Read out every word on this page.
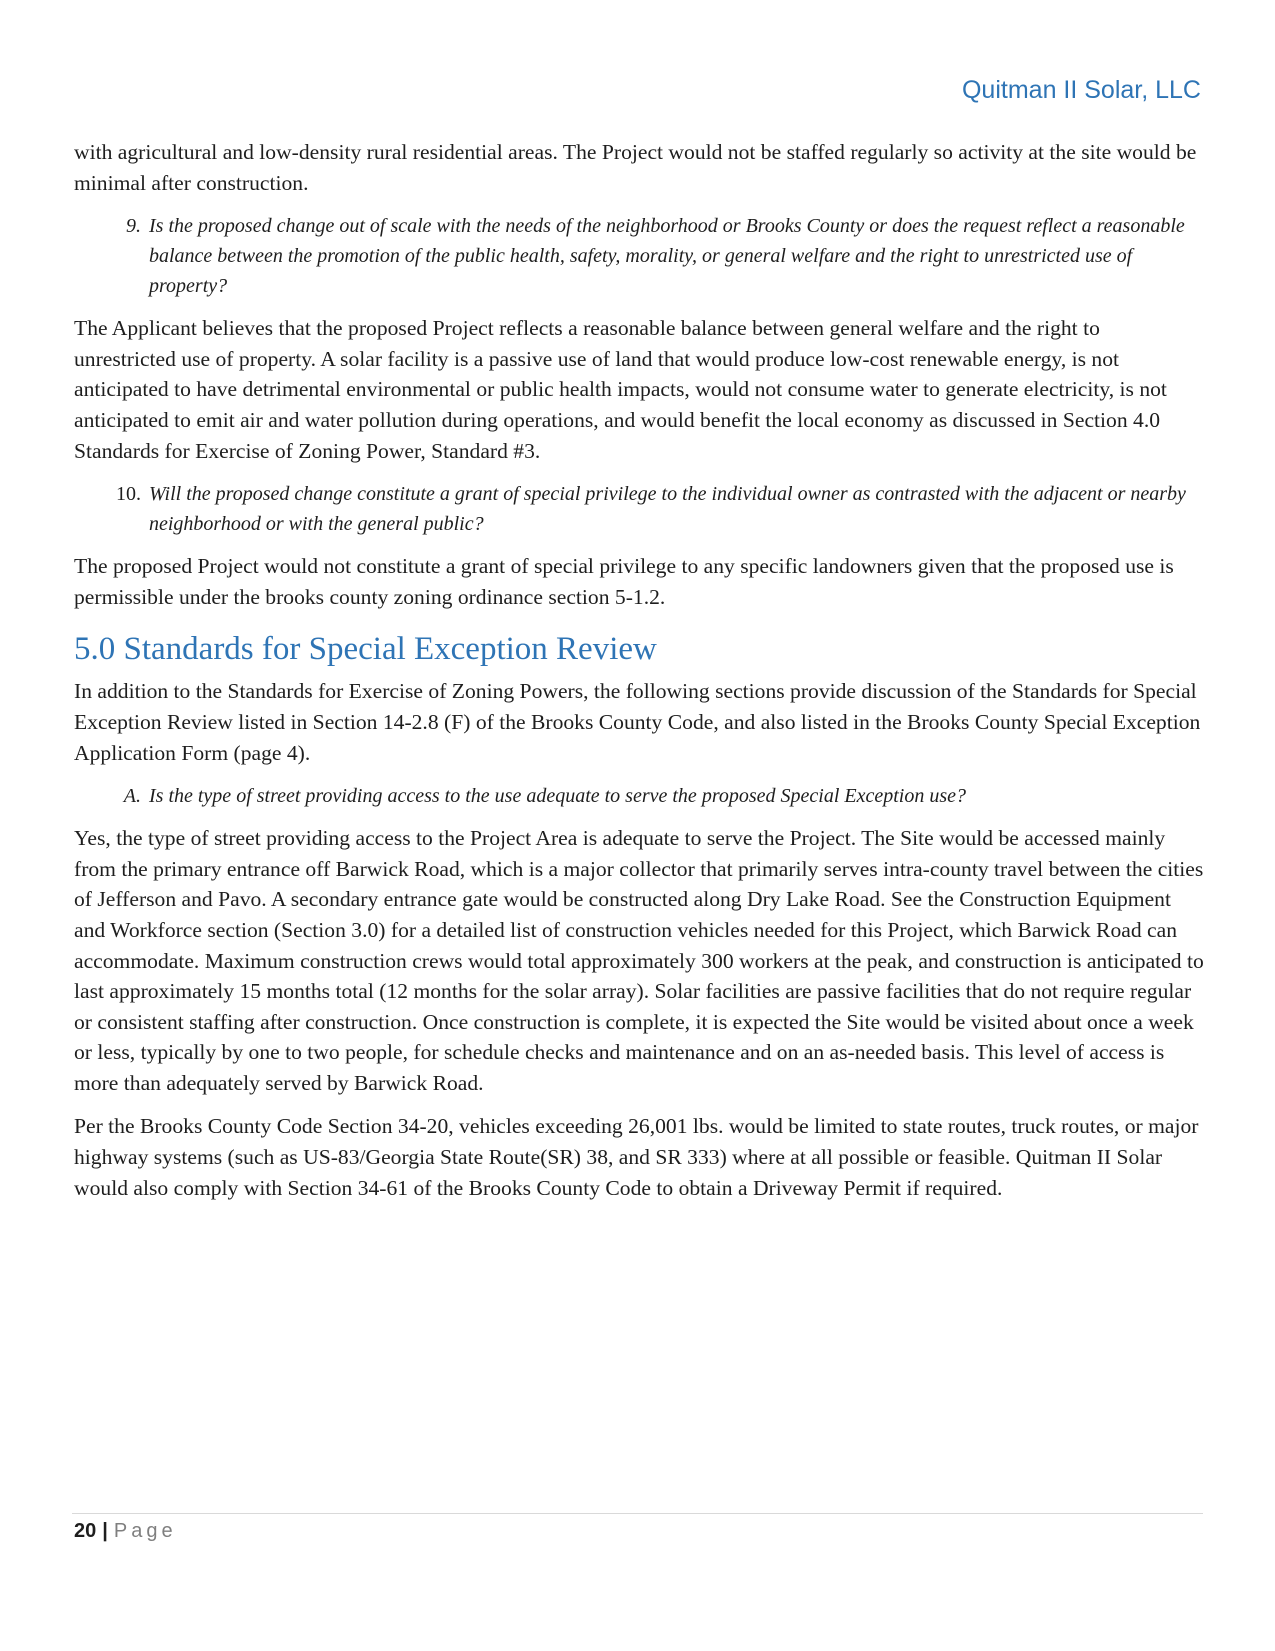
Quitman II Solar, LLC

with agricultural and low-density rural residential areas. The Project would not be staffed regularly so activity at the site would be minimal after construction.

9. Is the proposed change out of scale with the needs of the neighborhood or Brooks County or does the request reflect a reasonable balance between the promotion of the public health, safety, morality, or general welfare and the right to unrestricted use of property?

The Applicant believes that the proposed Project reflects a reasonable balance between general welfare and the right to unrestricted use of property. A solar facility is a passive use of land that would produce low-cost renewable energy, is not anticipated to have detrimental environmental or public health impacts, would not consume water to generate electricity, is not anticipated to emit air and water pollution during operations, and would benefit the local economy as discussed in Section 4.0 Standards for Exercise of Zoning Power, Standard #3.

10. Will the proposed change constitute a grant of special privilege to the individual owner as contrasted with the adjacent or nearby neighborhood or with the general public?

The proposed Project would not constitute a grant of special privilege to any specific landowners given that the proposed use is permissible under the brooks county zoning ordinance section 5-1.2.

5.0 Standards for Special Exception Review

In addition to the Standards for Exercise of Zoning Powers, the following sections provide discussion of the Standards for Special Exception Review listed in Section 14-2.8 (F) of the Brooks County Code, and also listed in the Brooks County Special Exception Application Form (page 4).

A. Is the type of street providing access to the use adequate to serve the proposed Special Exception use?

Yes, the type of street providing access to the Project Area is adequate to serve the Project. The Site would be accessed mainly from the primary entrance off Barwick Road, which is a major collector that primarily serves intra-county travel between the cities of Jefferson and Pavo. A secondary entrance gate would be constructed along Dry Lake Road. See the Construction Equipment and Workforce section (Section 3.0) for a detailed list of construction vehicles needed for this Project, which Barwick Road can accommodate. Maximum construction crews would total approximately 300 workers at the peak, and construction is anticipated to last approximately 15 months total (12 months for the solar array). Solar facilities are passive facilities that do not require regular or consistent staffing after construction. Once construction is complete, it is expected the Site would be visited about once a week or less, typically by one to two people, for schedule checks and maintenance and on an as-needed basis. This level of access is more than adequately served by Barwick Road.

Per the Brooks County Code Section 34-20, vehicles exceeding 26,001 lbs. would be limited to state routes, truck routes, or major highway systems (such as US-83/Georgia State Route(SR) 38, and SR 333) where at all possible or feasible. Quitman II Solar would also comply with Section 34-61 of the Brooks County Code to obtain a Driveway Permit if required.

20 | Page
